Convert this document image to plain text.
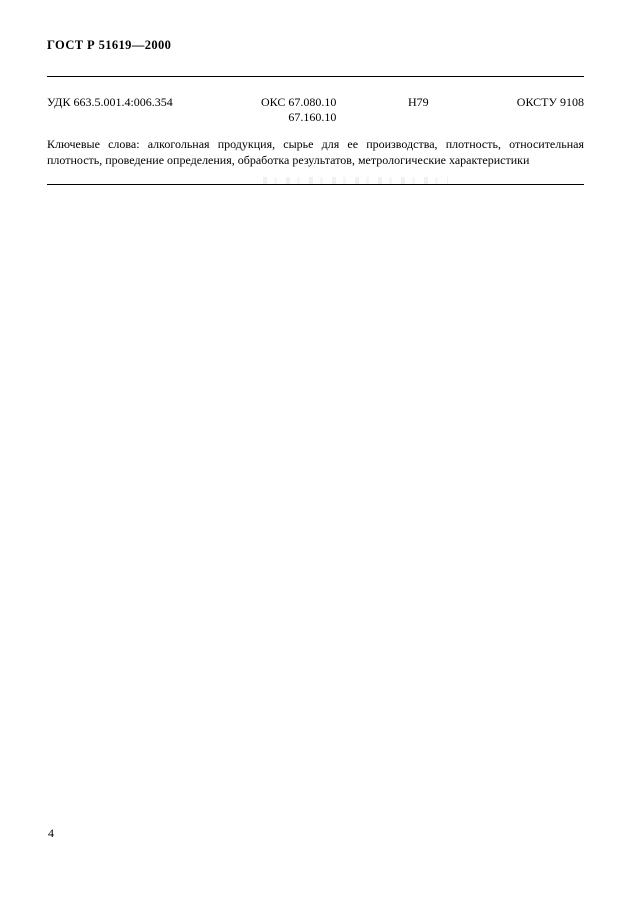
ГОСТ Р 51619—2000
УДК 663.5.001.4:006.354	ОКС 67.080.10
67.160.10
Н79	ОКСТУ 9108

Ключевые слова: алкогольная продукция, сырье для ее производства, плотность, относительная плотность, проведение определения, обработка результатов, метрологические характеристики

4
